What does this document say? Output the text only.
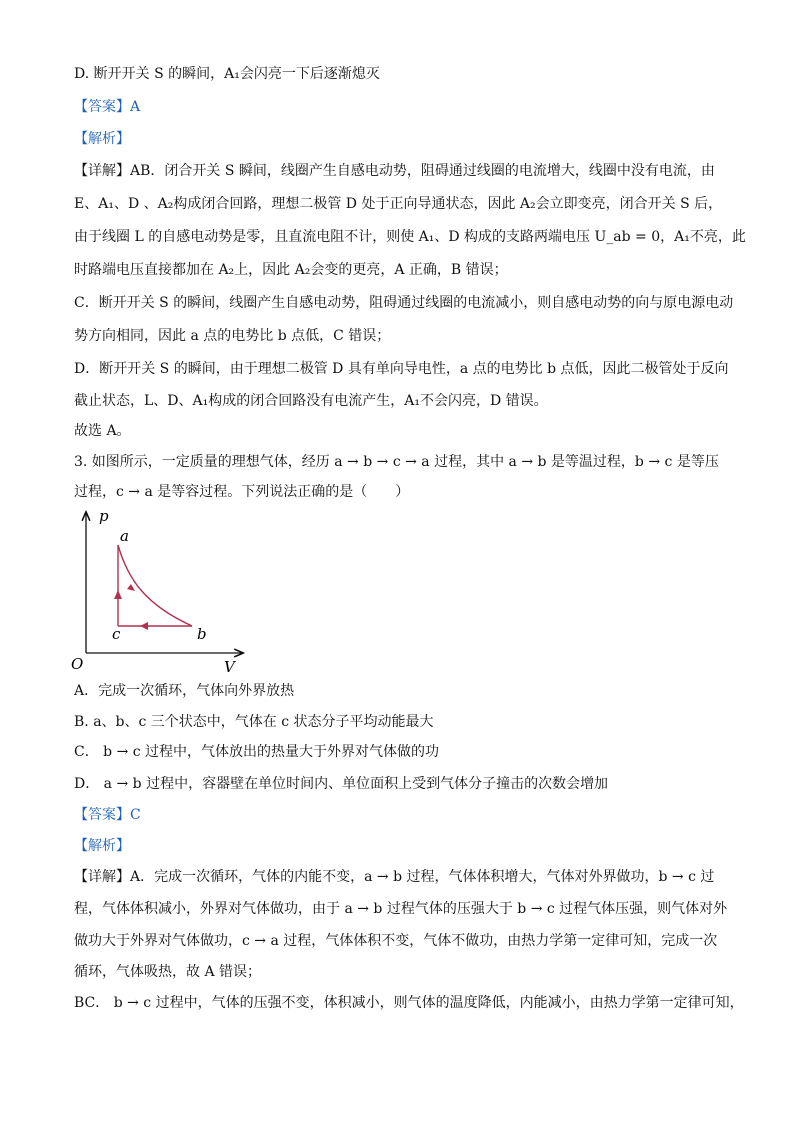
D. 断开开关 S 的瞬间，A₁会闪亮一下后逐渐熄灭
【答案】A
【解析】
【详解】AB．闭合开关 S 瞬间，线圈产生自感电动势，阻碍通过线圈的电流增大，线圈中没有电流，由
E、A₁、D 、A₂构成闭合回路，理想二极管 D 处于正向导通状态，因此 A₂会立即变亮，闭合开关 S 后，
由于线圈 L 的自感电动势是零，且直流电阻不计，则使 A₁、D 构成的支路两端电压 U_ab = 0，A₁不亮，此
时路端电压直接都加在 A₂上，因此 A₂会变的更亮，A 正确，B 错误；
C．断开开关 S 的瞬间，线圈产生自感电动势，阻碍通过线圈的电流减小，则自感电动势的向与原电源电动
势方向相同，因此 a 点的电势比 b 点低，C 错误；
D．断开开关 S 的瞬间，由于理想二极管 D 具有单向导电性，a 点的电势比 b 点低，因此二极管处于反向
截止状态，L、D、A₁构成的闭合回路没有电流产生，A₁不会闪亮，D 错误。
故选 A。
3. 如图所示，一定质量的理想气体，经历 a → b → c → a 过程，其中 a → b 是等温过程，b → c 是等压
过程，c → a 是等容过程。下列说法正确的是（　　）
p
V
O
a
b
c
A．完成一次循环，气体向外界放热
B. a、b、c 三个状态中，气体在 c 状态分子平均动能最大
C． b → c 过程中，气体放出的热量大于外界对气体做的功
D． a → b 过程中，容器壁在单位时间内、单位面积上受到气体分子撞击的次数会增加
【答案】C
【解析】
【详解】A．完成一次循环，气体的内能不变，a → b 过程，气体体积增大，气体对外界做功，b → c 过
程，气体体积减小，外界对气体做功，由于 a → b 过程气体的压强大于 b → c 过程气体压强，则气体对外
做功大于外界对气体做功，c → a 过程，气体体积不变，气体不做功，由热力学第一定律可知，完成一次
循环，气体吸热，故 A 错误；
BC． b → c 过程中，气体的压强不变，体积减小，则气体的温度降低，内能减小，由热力学第一定律可知，
